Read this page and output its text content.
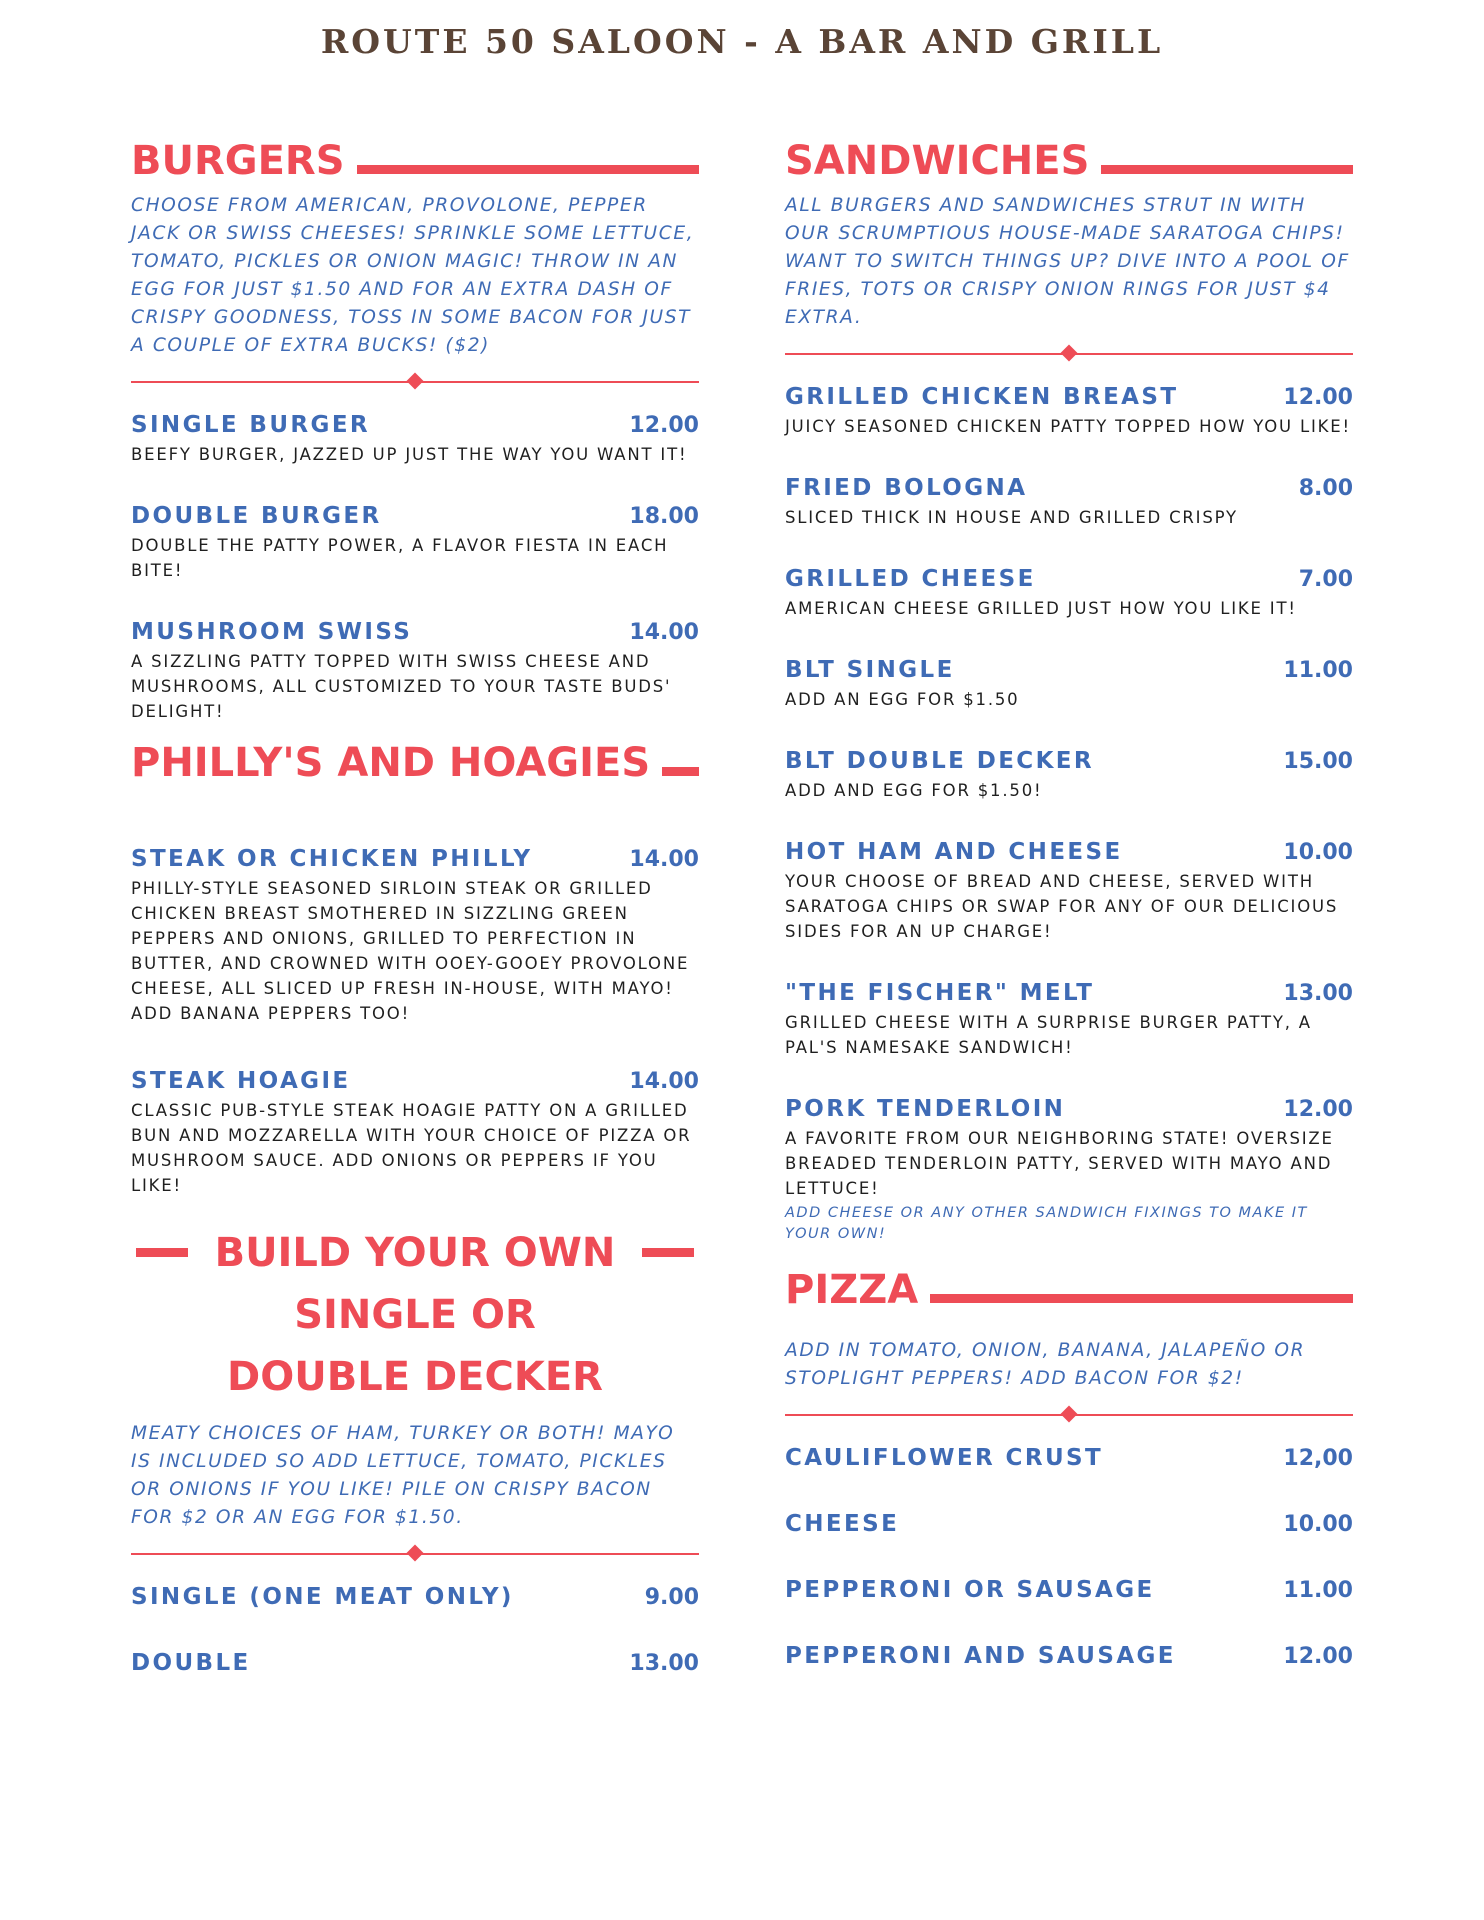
ROUTE 50 SALOON - A BAR AND GRILL
BURGERS

CHOOSE FROM AMERICAN, PROVOLONE, PEPPER JACK OR SWISS CHEESES! SPRINKLE SOME LETTUCE, TOMATO, PICKLES OR ONION MAGIC! THROW IN AN EGG FOR JUST $1.50 AND FOR AN EXTRA DASH OF CRISPY GOODNESS, TOSS IN SOME BACON FOR JUST A COUPLE OF EXTRA BUCKS! ($2)

SINGLE BURGER	12.00
BEEFY BURGER, JAZZED UP JUST THE WAY YOU WANT IT!
DOUBLE BURGER	18.00
DOUBLE THE PATTY POWER, A FLAVOR FIESTA IN EACH BITE!
MUSHROOM SWISS	14.00
A SIZZLING PATTY TOPPED WITH SWISS CHEESE AND MUSHROOMS, ALL CUSTOMIZED TO YOUR TASTE BUDS' DELIGHT!
PHILLY'S AND HOAGIES
STEAK OR CHICKEN PHILLY	14.00
PHILLY-STYLE SEASONED SIRLOIN STEAK OR GRILLED CHICKEN BREAST SMOTHERED IN SIZZLING GREEN PEPPERS AND ONIONS, GRILLED TO PERFECTION IN BUTTER, AND CROWNED WITH OOEY-GOOEY PROVOLONE CHEESE, ALL SLICED UP FRESH IN-HOUSE, WITH MAYO! ADD BANANA PEPPERS TOO!
STEAK HOAGIE	14.00
CLASSIC PUB-STYLE STEAK HOAGIE PATTY ON A GRILLED BUN AND MOZZARELLA WITH YOUR CHOICE OF PIZZA OR MUSHROOM SAUCE. ADD ONIONS OR PEPPERS IF YOU LIKE!
BUILD YOUR OWN SINGLE OR DOUBLE DECKER

MEATY CHOICES OF HAM, TURKEY OR BOTH! MAYO IS INCLUDED SO ADD LETTUCE, TOMATO, PICKLES OR ONIONS IF YOU LIKE! PILE ON CRISPY BACON FOR $2 OR AN EGG FOR $1.50.

SINGLE (ONE MEAT ONLY)	9.00
DOUBLE	13.00
SANDWICHES

ALL BURGERS AND SANDWICHES STRUT IN WITH OUR SCRUMPTIOUS HOUSE-MADE SARATOGA CHIPS! WANT TO SWITCH THINGS UP? DIVE INTO A POOL OF FRIES, TOTS OR CRISPY ONION RINGS FOR JUST $4 EXTRA.

GRILLED CHICKEN BREAST	12.00
JUICY SEASONED CHICKEN PATTY TOPPED HOW YOU LIKE!
FRIED BOLOGNA	8.00
SLICED THICK IN HOUSE AND GRILLED CRISPY
GRILLED CHEESE	7.00
AMERICAN CHEESE GRILLED JUST HOW YOU LIKE IT!
BLT SINGLE	11.00
ADD AN EGG FOR $1.50
BLT DOUBLE DECKER	15.00
ADD AND EGG FOR $1.50!
HOT HAM AND CHEESE	10.00
YOUR CHOOSE OF BREAD AND CHEESE, SERVED WITH SARATOGA CHIPS OR SWAP FOR ANY OF OUR DELICIOUS SIDES FOR AN UP CHARGE!
"THE FISCHER" MELT	13.00
GRILLED CHEESE WITH A SURPRISE BURGER PATTY, A PAL'S NAMESAKE SANDWICH!
PORK TENDERLOIN	12.00
A FAVORITE FROM OUR NEIGHBORING STATE! OVERSIZE BREADED TENDERLOIN PATTY, SERVED WITH MAYO AND LETTUCE!
ADD CHEESE OR ANY OTHER SANDWICH FIXINGS TO MAKE IT YOUR OWN!
PIZZA

ADD IN TOMATO, ONION, BANANA, JALAPEÑO OR STOPLIGHT PEPPERS! ADD BACON FOR $2!

CAULIFLOWER CRUST	12,00
CHEESE	10.00
PEPPERONI OR SAUSAGE	11.00
PEPPERONI AND SAUSAGE	12.00
